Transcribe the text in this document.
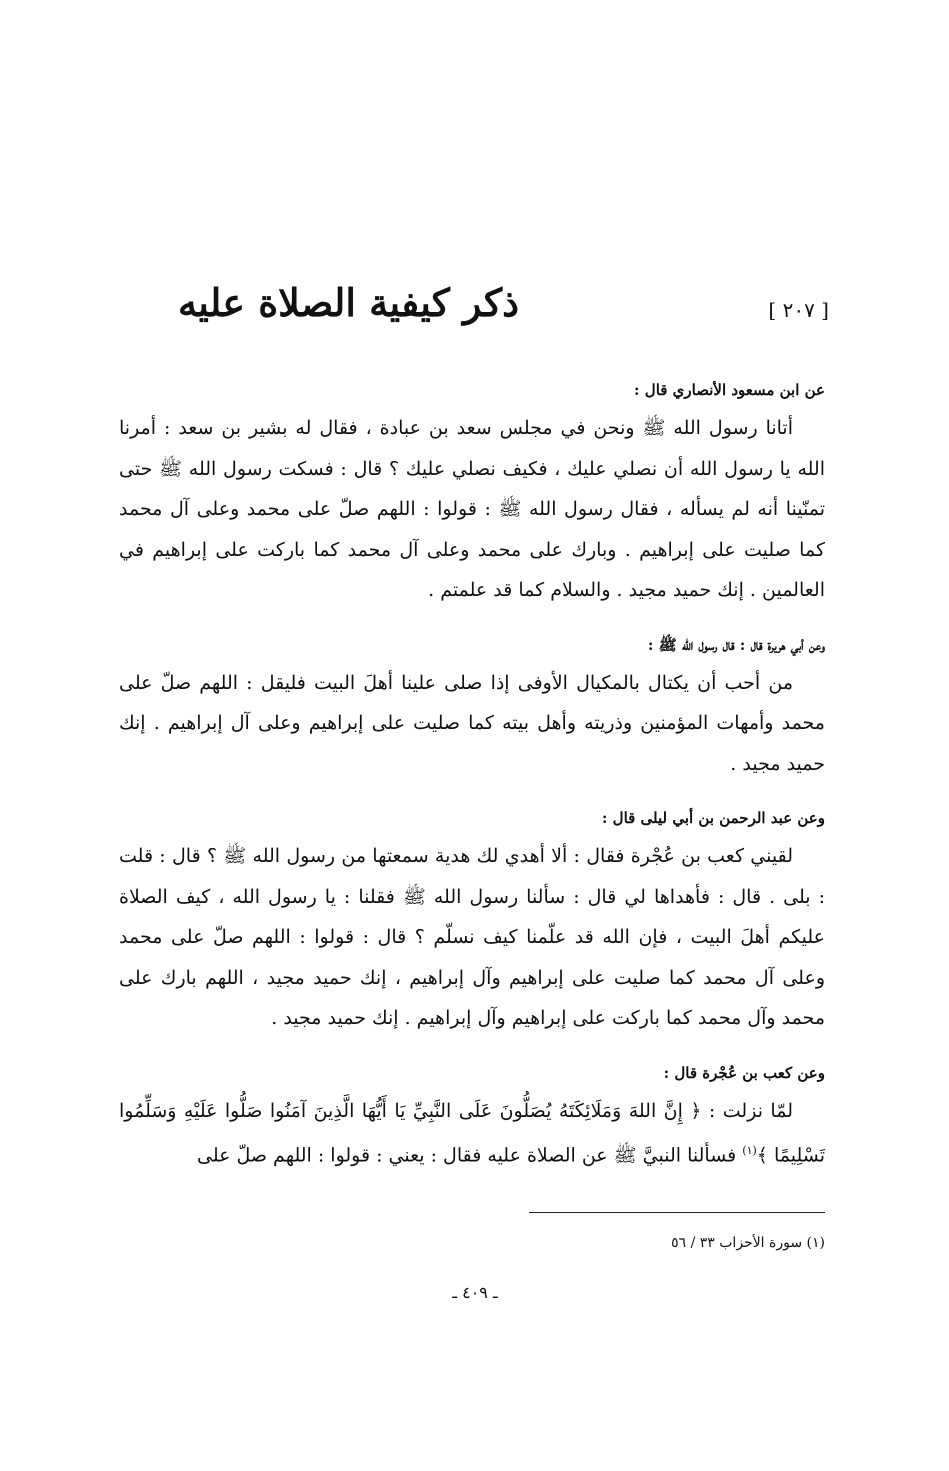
[ ٢٠٧ ]
ذكر كيفية الصلاة عليه
عن ابن مسعود الأنصاري قال :

أتانا رسول الله ﷺ ونحن في مجلس سعد بن عبادة ، فقال له بشير بن سعد : أمرنا الله يا رسول الله أن نصلي عليك ، فكيف نصلي عليك ؟ قال : فسكت رسول الله ﷺ حتى تمنّينا أنه لم يسأله ، فقال رسول الله ﷺ : قولوا : اللهم صلّ على محمد وعلى آل محمد كما صليت على إبراهيم . وبارك على محمد وعلى آل محمد كما باركت على إبراهيم في العالمين . إنك حميد مجيد . والسلام كما قد علمتم .

وعن أبي هريرة قال : قال رسول الله ﷺ :

من أحب أن يكتال بالمكيال الأوفى إذا صلى علينا أهلَ البيت فليقل : اللهم صلّ على محمد وأمهات المؤمنين وذريته وأهل بيته كما صليت على إبراهيم وعلى آل إبراهيم . إنك حميد مجيد .

وعن عبد الرحمن بن أبي ليلى قال :

لقيني كعب بن عُجْرة فقال : ألا أهدي لك هدية سمعتها من رسول الله ﷺ ؟ قال : قلت : بلى . قال : فأهداها لي قال : سألنا رسول الله ﷺ فقلنا : يا رسول الله ، كيف الصلاة عليكم أهلَ البيت ، فإن الله قد علّمنا كيف نسلّم ؟ قال : قولوا : اللهم صلّ على محمد وعلى آل محمد كما صليت على إبراهيم وآل إبراهيم ، إنك حميد مجيد ، اللهم بارك على محمد وآل محمد كما باركت على إبراهيم وآل إبراهيم . إنك حميد مجيد .

وعن كعب بن عُجْرة قال :

لمّا نزلت : ﴿ إِنَّ اللهَ وَمَلَائِكَتَهُ يُصَلُّونَ عَلَى النَّبِيِّ يَا أَيُّهَا الَّذِينَ آمَنُوا صَلُّوا عَلَيْهِ وَسَلِّمُوا تَسْلِيمًا ﴾$^{(١)}$ فسألنا النبيَّ ﷺ عن الصلاة عليه فقال : يعني : قولوا : اللهم صلّ على

(١) سورة الأحزاب ٣٣ / ٥٦
ـ ٤٠٩ ـ
